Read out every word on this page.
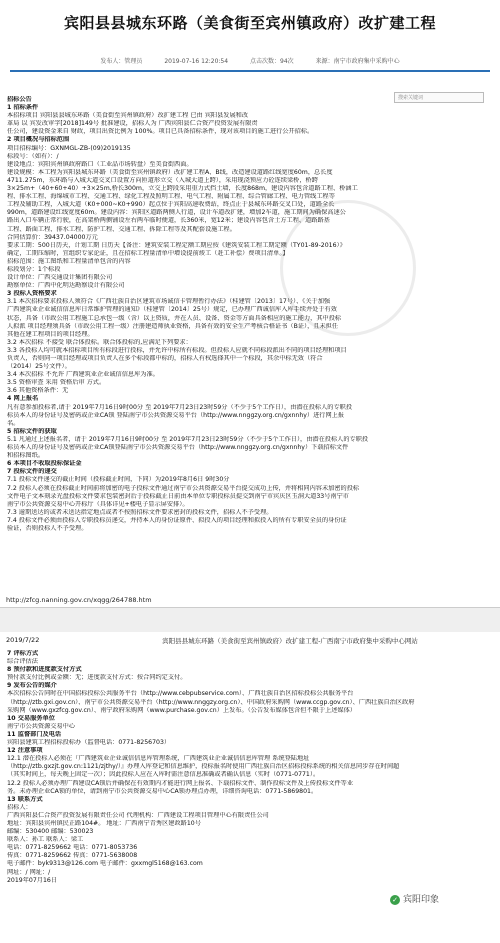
宾阳县县城东环路（美食街至宾州镇政府）改扩建工程
发布人：管理员	2019-07-16 12:20:54	点击次数：94次	来源：南宁市政府集中采购中心
搜索关键词

招标公告

1 招标条件

本招标项目 宾阳县县城东环路（美食街至宾州镇政府）改扩建工程 已由 宾阳县发展和改

革局 以 宾发改审字[2018]149号 批准建设，招标人为 广西宾阳县仁合资产投资发展有限责

任公司，建设资金来自 财政，项目出资比例为 100%。项目已具备招标条件，现对该项目的施工进行公开招标。

2 项目概况与招标范围

项目招标编号：GXNMGL-ZB-(09)2019135

标段号：（如有）：/

建设地点：宾阳宾州镇政府路口（工业品市场转盘）至美食街西面。

建设规模：本工程为宾阳县城东环路（美食街至宾州镇政府）改扩建工程A、B线，改造建设道路红线宽度60m，总长度

4711.275m，东环路与入城大道交叉口设置方向匝道形立交（入城大道上跨），采用现浇预应力砼连续梁桥，桥跨

3×25m+（40+60+40）+3×25m,桥长300m，立交上跨段采用重力式挡土墙，长度868m，建设内容包含道路工程、桥涵工

程、排水工程、海绵城市工程、交通工程、绿化工程及照明工程、电气工程、附属工程、综合管廊工程、电力管线工程等

工程及辅助工程，入城大道（K0+000~K0+990）起点位于宾阳高速收费站，终点止于县城东环路交叉口处，道路全长

990m，道路建设红线宽度60m。建设内容：宾阳区道路两侧人行道，设计车道改扩建，增加2车道，施工期间为确保高速公

路出入口车辆正常行驶，在高架桥两侧铺设左右两车临时便道，长360米，宽12米；建设内容包含土方工程、道路路基

工程、路面工程、排水工程、防护工程、交通工程、拆除工程等及其配套设施工程。

合同估算价：39437.04000万元

要求工期：500日历天，计划工期 日历天【备注：建筑安装工程定额工期应按《建筑安装工程工期定额（TY01-89-2016）》

确定，工期压缩时，宜组织专家论证，且在招标工程量清单中增设提前竣工（赶工补偿）费项目清单。】

招标范围：施工图纸和工程量清单包含的内容

标段划分：1个标段

设计单位：广西交通设计集团有限公司

勘察单位：广西中化明达勘察设计有限公司

3 投标人资格要求

3.1 本次招标要求投标人须符合《广西壮族自治区建筑市场诚信卡管理暂行办法》（桂建管〔2013〕17号）、《关于加强

广西建筑业企业诚信信息库日常维护管理的通知》（桂建管〔2014〕25号）规定，已办理广西诚信库入库手续并处于有效

状态，具备（市政公用工程施工总承包一级（含）以上资质，并在人员、设备、资金等方面具备相应的施工能力，其中投标

人拟派 项目经理须具备（市政公用工程一级）注册建造师执业资格，具备有效的安全生产考核合格证书（B证），且未担任

其他在建工程项目的项目经理。

3.2 本次招标 不接受 联合体投标。联合体投标的,应满足下列要求：

3.3 各投标人均可就本招标项目所有标段进行投标，并允许中标所有标段。但投标人应就不同标段派出不同的项目经理和项目

负责人，否则同一项目经理或项目负责人在多个标段都中标的，招标人有权选择其中一个标段，其余中标无效（符合

（2014）25号文件）。

3.4 本次招标 不允许 广西建筑业企业诚信信息库为准。

3.5 资格审查 采用 资格后审 方式。

3.6 其他资格条件：无

4 网上报名

凡有意参加投标者,请于 2019年7月16日9时00分 至 2019年7月23日23时59分（不少于5个工作日），由潜在投标人的专职投

标员本人的身份证号及密码或企业CA锁 登陆南宁市公共资源交易平台（http://www.nnggzy.org.cn/gxnnhy）进行网上报

名。

5 招标文件的获取

5.1 凡通过上述报名者，请于 2019年7月16日9时00分 至 2019年7月23日23时59分（不少于5个工作日），由潜在投标人的专职投

标员本人的身份证号及密码或企业CA锁登陆南宁市公共资源交易平台（http://www.nnggzy.org.cn/gxnnhy）下载招标文件

和招标图纸。

6 本项目不收取投标保证金

7 投标文件的递交

7.1 投标文件递交的截止时间（投标截止时间，下同）为2019年8月6日 9时30分

7.2 投标人必须在投标截止时间前将加密的电子投标文件通过南宁市公共资源交易平台提交成功上传，并将相同内容未加密的投标

文件电子文本刻录光盘投标文件要求包装密封后于投标截止日前由本单位专职投标员提交到南宁市宾庆区玉洞大道33号南宁市

南宁市公共资源交易中心开标厅（具体详见+楼电子显示屏安排）。

7.3 逾期送达的或者未送达指定地点或者不按照招标文件要求密封的投标文件，招标人不予受理。

7.4 投标文件必须由投标人专职投标员递交，并持本人的身份证原件、拟投入的项目经理和拟投入的所有专职安全员的身份证

验证，否则投标人不予受理。

http://zfcg.nanning.gov.cn/xqgg/264788.htm
2019/7/22	宾阳县县城东环路（美食街至宾州镇政府）改扩建工程-广西南宁市政府集中采购中心网站

7 评标方式

综合评估法

8 预付款和进度款支付方式

预付款支付比例或金额：无；进度款支付方式：按合同约定支付。

9 发布公告的媒介

本次招标公告同时在中国招标投标公共服务平台（http://www.cebpubservice.com）、广西壮族自治区招标投标公共服务平台

（http://ztb.gxi.gov.cn）、南宁市公共资源交易平台（http://www.nnggzy.org.cn）、中国政府采购网（www.ccgp.gov.cn）、广西壮族自治区政府

采购网（www.gxzfcg.gov.cn）、南宁政府采购网（www.purchase.gov.cn）上发布。（公告发布媒体包含但不限于上述媒体）

10 交易服务单位

南宁市公共资源交易中心

11 监督部门及电话

宾阳县建筑工程招标投标办（监督电话：0771-8256703）

12 注意事项

12.1 潜在投标人必须在『广西建筑业企业诚信信息库管理系统，广西建筑业企业诚信信息库管理 系统登陆地址

（http://ztb.gxzjt.gov.cn:1121/zjthy/）』办理入库登记和信息维护，投标报名时使用广西壮族自治区招标投标系统的相关信息同步存在时间超

（其实时间上，每天晚上固定一次）；因此投标人应在入库时需注意信息准确或者确认信息（实时（0771-0771）。

12.2 投标人必须办理广西建设CA锁后并确保在有效期内才能进行网上报名、下载招标文件、制作投标文件及上传投标文件等业

务。未办理企业CA锁的单位，请到南宁市公共资源交易中心CA锁办理点办理，详细咨询电话：0771-5869801。

13 联系方式

招标人：

广西宾阳县仁合资产投资发展有限责任公司 代理机构：广西建设工程项目管理中心有限责任公司

地址：宾阳县宾州镇民正路104#。 地址：广西南宁青秀区建政路10号

邮编：530400 邮编：530023

联系人：孙工 联系人：梁工

电话：0771-8259662 电话：0771-8053736

传真：0771-8259662 传真：0771-5638008

电子邮件：byk9313@126.com 电子邮件：gxxmgl5168@163.com

网址：/ 网址：/

2019年07月16日

✓ 宾阳印象
